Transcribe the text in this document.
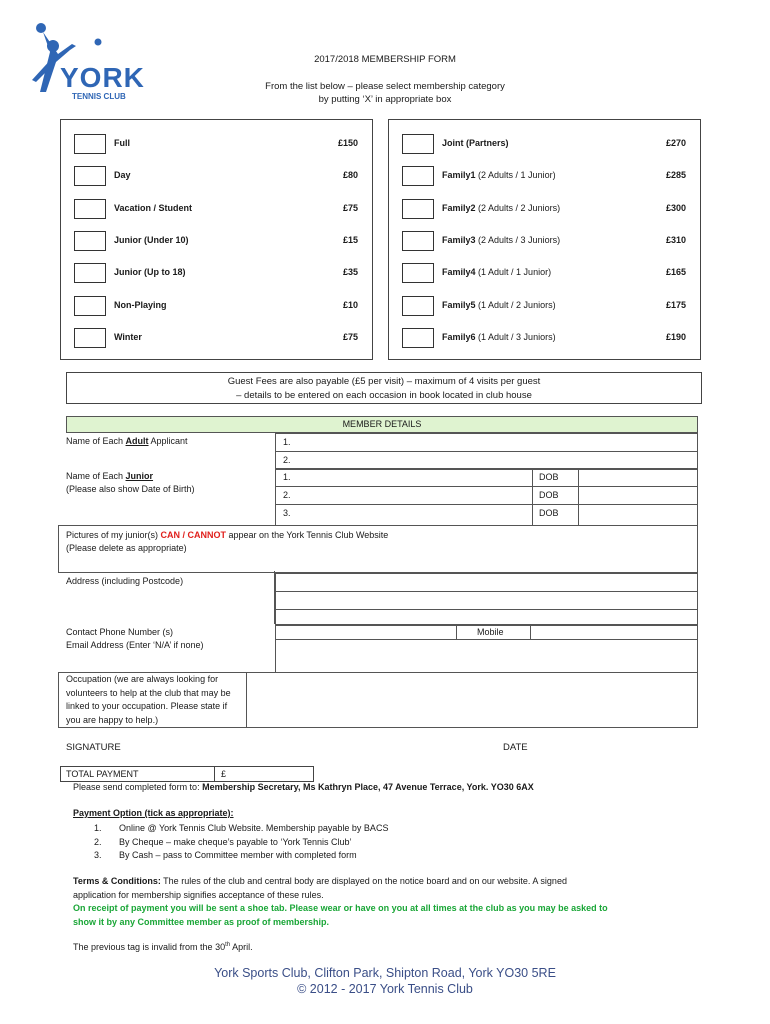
YORK
TENNIS CLUB
2017/2018 MEMBERSHIP FORM
From the list below – please select membership category
by putting ‘X’ in appropriate box
Full	£150
Day	£80
Vacation / Student	£75
Junior (Under 10)	£15
Junior (Up to 18)	£35
Non-Playing	£10
Winter	£75
Joint (Partners)	£270
Family1 (2 Adults / 1 Junior)	£285
Family2 (2 Adults / 2 Juniors)	£300
Family3 (2 Adults / 3 Juniors)	£310
Family4 (1 Adult / 1 Junior)	£165
Family5 (1 Adult / 2 Juniors)	£175
Family6 (1 Adult / 3 Juniors)	£190
Guest Fees are also payable (£5 per visit) – maximum of 4 visits per guest
– details to be entered on each occasion in book located in club house
MEMBER DETAILS
Name of Each Adult Applicant	1.
2.
Name of Each Junior
(Please also show Date of Birth)
1.	DOB
2.	DOB
3.	DOB
Pictures of my junior(s) CAN / CANNOT appear on the York Tennis Club Website
(Please delete as appropriate)
Address (including Postcode)
Contact Phone Number (s)	Mobile
Email Address (Enter ‘N/A’ if none)
Occupation (we are always looking for
volunteers to help at the club that may be
linked to your occupation. Please state if
you are happy to help.)
SIGNATURE	DATE
TOTAL PAYMENT	£
Please send completed form to: Membership Secretary, Ms Kathryn Place, 47 Avenue Terrace, York. YO30 6AX
Payment Option (tick as appropriate):
1. Online @ York Tennis Club Website. Membership payable by BACS
2. By Cheque – make cheque’s payable to ‘York Tennis Club’
3. By Cash – pass to Committee member with completed form
Terms & Conditions: The rules of the club and central body are displayed on the notice board and on our website. A signed
application for membership signifies acceptance of these rules.
On receipt of payment you will be sent a shoe tab. Please wear or have on you at all times at the club as you may be asked to
show it by any Committee member as proof of membership.
The previous tag is invalid from the 30th April.
York Sports Club, Clifton Park, Shipton Road, York YO30 5RE
© 2012 - 2017 York Tennis Club
